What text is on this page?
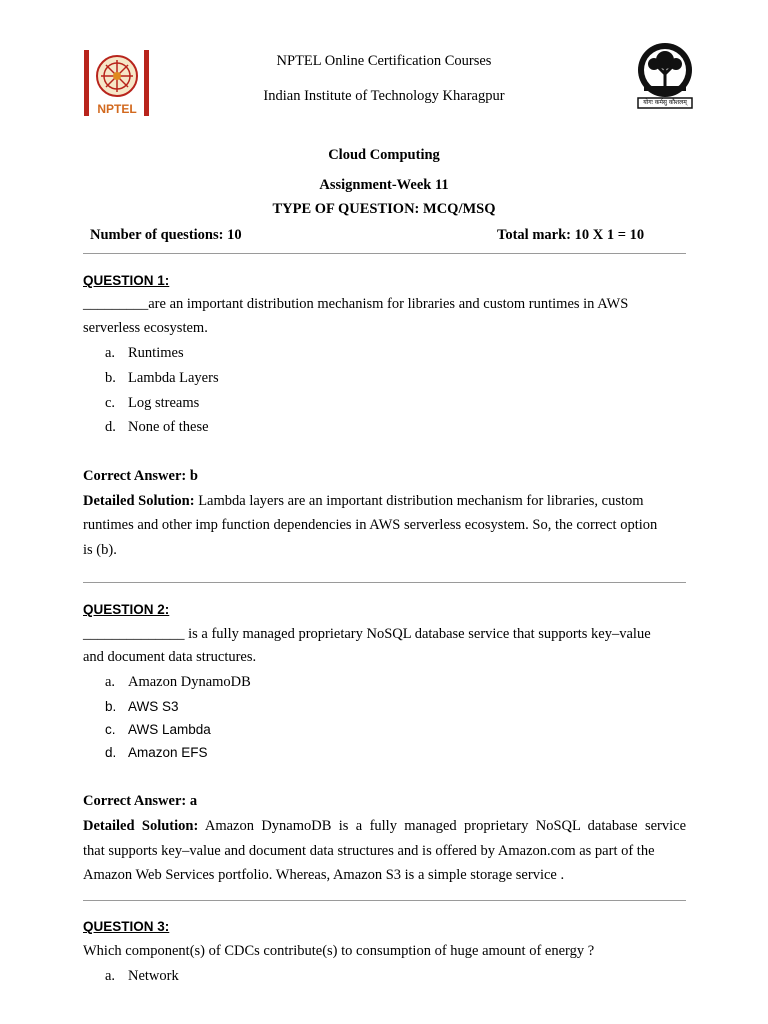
NPTEL	योगः कर्मसु कौशलम्
NPTEL Online Certification Courses
Indian Institute of Technology Kharagpur
Cloud Computing
Assignment-Week 11
TYPE OF QUESTION: MCQ/MSQ
Number of questions: 10	Total mark: 10 X 1 = 10
QUESTION 1:
_________are an important distribution mechanism for libraries and custom runtimes in AWS
serverless ecosystem.
a. Runtimes
b. Lambda Layers
c. Log streams
d. None of these
Correct Answer: b
Detailed Solution: Lambda layers are an important distribution mechanism for libraries, custom
runtimes and other imp function dependencies in AWS serverless ecosystem. So, the correct option
is (b).
QUESTION 2:
______________ is a fully managed proprietary NoSQL database service that supports key–value
and document data structures.
a. Amazon DynamoDB
b. AWS S3
c. AWS Lambda
d. Amazon EFS
Correct Answer: a
Detailed Solution: Amazon DynamoDB is a fully managed proprietary NoSQL database service
that supports key–value and document data structures and is offered by Amazon.com as part of the
Amazon Web Services portfolio. Whereas, Amazon S3 is a simple storage service .
QUESTION 3:
Which component(s) of CDCs contribute(s) to consumption of huge amount of energy ?
a. Network
